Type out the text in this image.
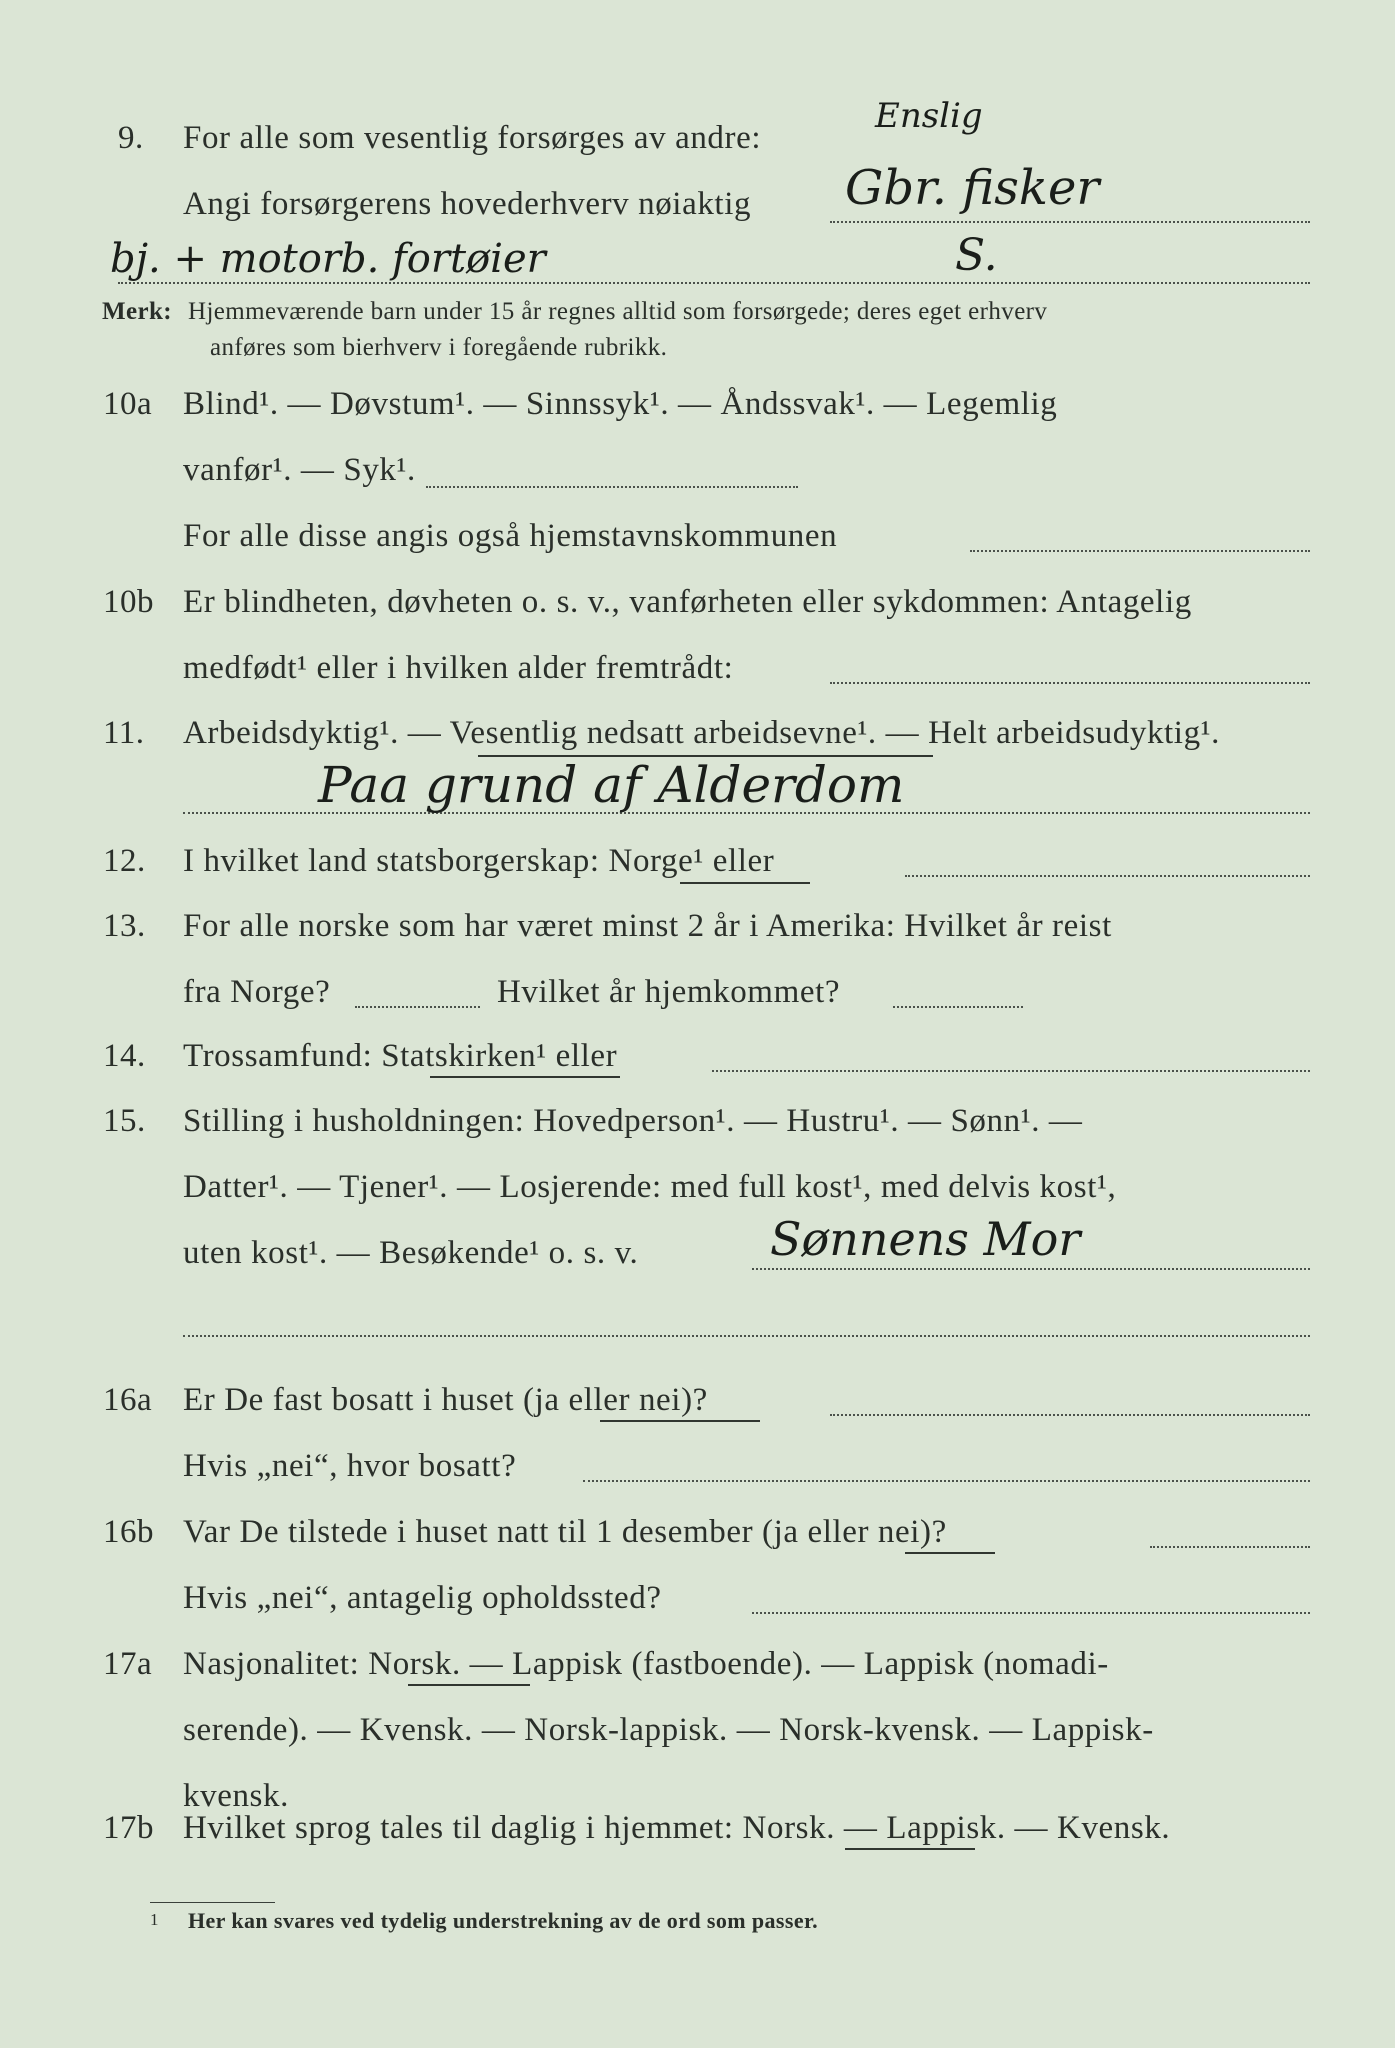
9. For alle som vesentlig forsørges av andre:
Enslig
Angi forsørgerens hovederhverv nøiaktig Gbr. fisker
bj. + motorb. fortøier	S.
Merk: Hjemmeværende barn under 15 år regnes alltid som forsørgede; deres eget erhverv
anføres som bierhverv i foregående rubrikk.
10a Blind¹. — Døvstum¹. — Sinnssyk¹. — Åndssvak¹. — Legemlig
vanfør¹. — Syk¹.
For alle disse angis også hjemstavnskommunen
10b Er blindheten, døvheten o. s. v., vanførheten eller sykdommen: Antagelig
medfødt¹ eller i hvilken alder fremtrådt:
11. Arbeidsdyktig¹. — Vesentlig nedsatt arbeidsevne¹. — Helt arbeidsudyktig¹.
Paa grund af Alderdom
12. I hvilket land statsborgerskap: Norge¹ eller
13. For alle norske som har været minst 2 år i Amerika: Hvilket år reist
fra Norge?	Hvilket år hjemkommet?
14. Trossamfund: Statskirken¹ eller
15. Stilling i husholdningen: Hovedperson¹. — Hustru¹. — Sønn¹. —
Datter¹. — Tjener¹. — Losjerende: med full kost¹, med delvis kost¹,
uten kost¹. — Besøkende¹ o. s. v.	Sønnens Mor
16a Er De fast bosatt i huset (ja eller nei)?
Hvis „nei“, hvor bosatt?
16b Var De tilstede i huset natt til 1 desember (ja eller nei)?
Hvis „nei“, antagelig opholdssted?
17a Nasjonalitet: Norsk. — Lappisk (fastboende). — Lappisk (nomadi-
serende). — Kvensk. — Norsk-lappisk. — Norsk-kvensk. — Lappisk-
kvensk.
17b Hvilket sprog tales til daglig i hjemmet: Norsk. — Lappisk. — Kvensk.
1 Her kan svares ved tydelig understrekning av de ord som passer.
